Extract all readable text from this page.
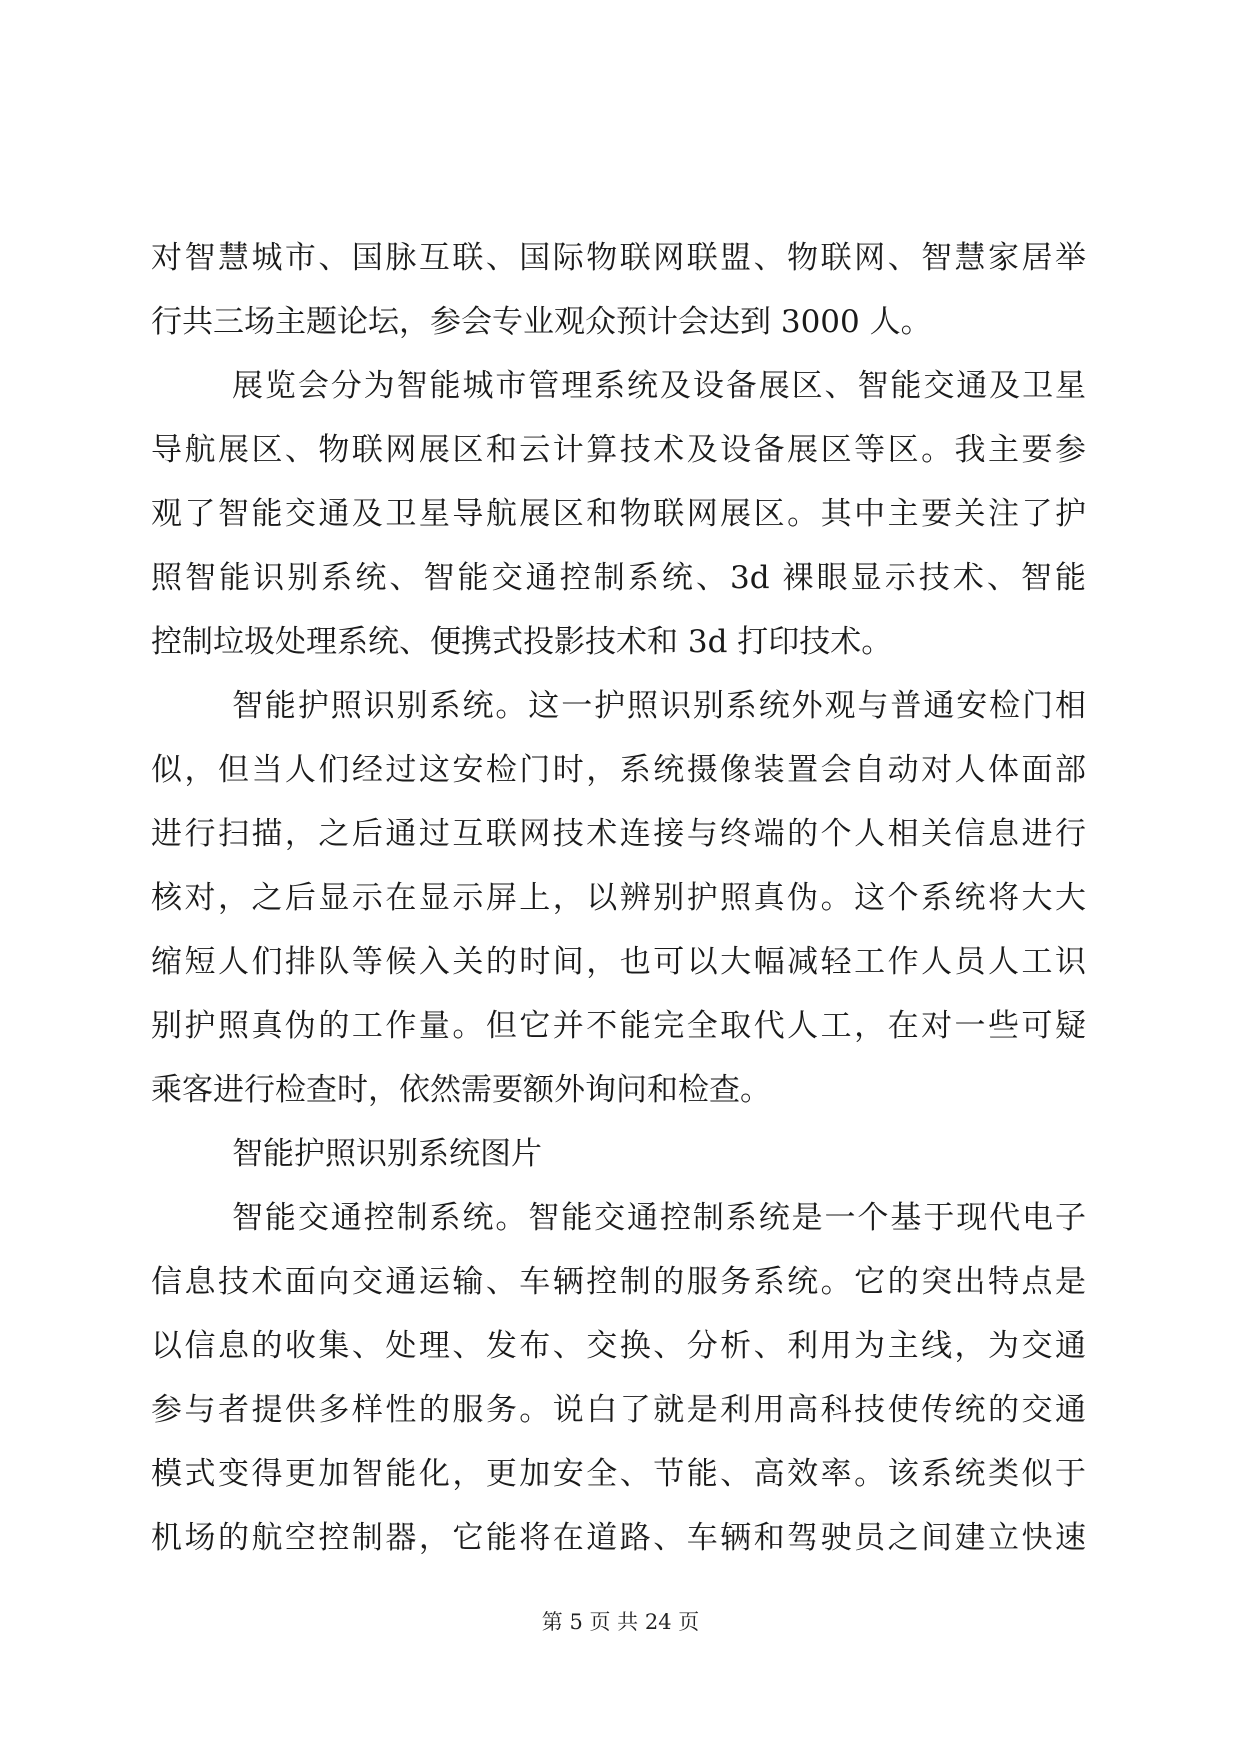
对智慧城市、国脉互联、国际物联网联盟、物联网、智慧家居举
行共三场主题论坛，参会专业观众预计会达到 3000 人。
展览会分为智能城市管理系统及设备展区、智能交通及卫星
导航展区、物联网展区和云计算技术及设备展区等区。我主要参
观了智能交通及卫星导航展区和物联网展区。其中主要关注了护
照智能识别系统、智能交通控制系统、3d 裸眼显示技术、智能
控制垃圾处理系统、便携式投影技术和 3d 打印技术。
智能护照识别系统。这一护照识别系统外观与普通安检门相
似，但当人们经过这安检门时，系统摄像装置会自动对人体面部
进行扫描，之后通过互联网技术连接与终端的个人相关信息进行
核对，之后显示在显示屏上，以辨别护照真伪。这个系统将大大
缩短人们排队等候入关的时间，也可以大幅减轻工作人员人工识
别护照真伪的工作量。但它并不能完全取代人工，在对一些可疑
乘客进行检查时，依然需要额外询问和检查。
智能护照识别系统图片
智能交通控制系统。智能交通控制系统是一个基于现代电子
信息技术面向交通运输、车辆控制的服务系统。它的突出特点是
以信息的收集、处理、发布、交换、分析、利用为主线，为交通
参与者提供多样性的服务。说白了就是利用高科技使传统的交通
模式变得更加智能化，更加安全、节能、高效率。该系统类似于
机场的航空控制器，它能将在道路、车辆和驾驶员之间建立快速
第 5 页 共 24 页
